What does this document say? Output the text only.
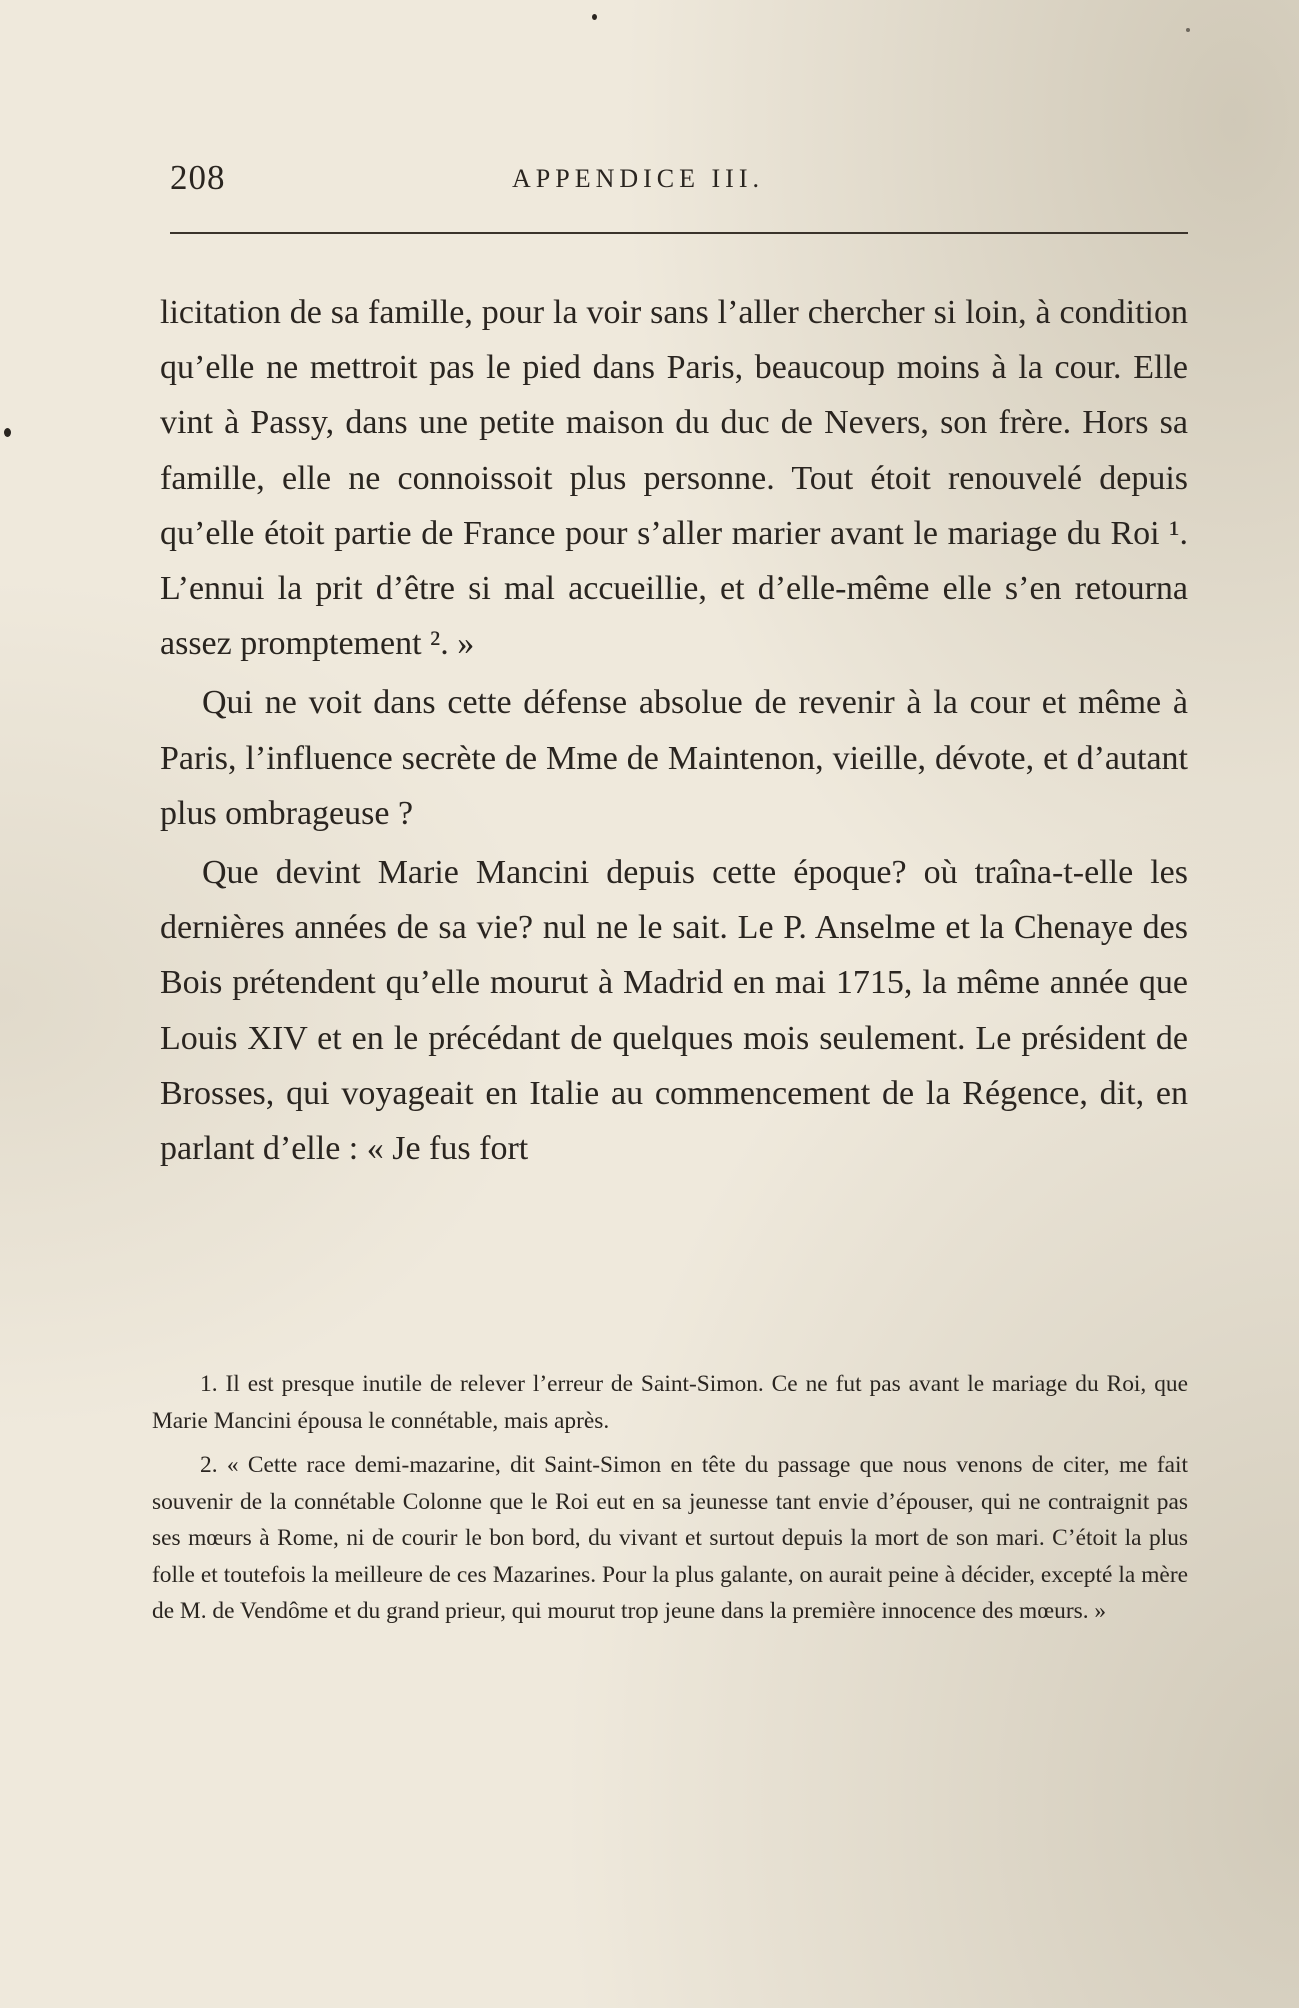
208	APPENDICE III.

licitation de sa famille, pour la voir sans l’aller chercher si loin, à condition qu’elle ne mettroit pas le pied dans Paris, beaucoup moins à la cour. Elle vint à Passy, dans une petite maison du duc de Nevers, son frère. Hors sa famille, elle ne connoissoit plus personne. Tout étoit renouvelé depuis qu’elle étoit partie de France pour s’aller marier avant le mariage du Roi ¹. L’ennui la prit d’être si mal accueillie, et d’elle-même elle s’en retourna assez promptement ². »

Qui ne voit dans cette défense absolue de revenir à la cour et même à Paris, l’influence secrète de Mme de Maintenon, vieille, dévote, et d’autant plus ombrageuse ?

Que devint Marie Mancini depuis cette époque? où traîna-t-elle les dernières années de sa vie? nul ne le sait. Le P. Anselme et la Chenaye des Bois prétendent qu’elle mourut à Madrid en mai 1715, la même année que Louis XIV et en le précédant de quelques mois seulement. Le président de Brosses, qui voyageait en Italie au commencement de la Régence, dit, en parlant d’elle : « Je fus fort

1. Il est presque inutile de relever l’erreur de Saint-Simon. Ce ne fut pas avant le mariage du Roi, que Marie Mancini épousa le connétable, mais après.

2. « Cette race demi-mazarine, dit Saint-Simon en tête du passage que nous venons de citer, me fait souvenir de la connétable Colonne que le Roi eut en sa jeunesse tant envie d’épouser, qui ne contraignit pas ses mœurs à Rome, ni de courir le bon bord, du vivant et surtout depuis la mort de son mari. C’étoit la plus folle et toutefois la meilleure de ces Mazarines. Pour la plus galante, on aurait peine à décider, excepté la mère de M. de Vendôme et du grand prieur, qui mourut trop jeune dans la première innocence des mœurs. »
